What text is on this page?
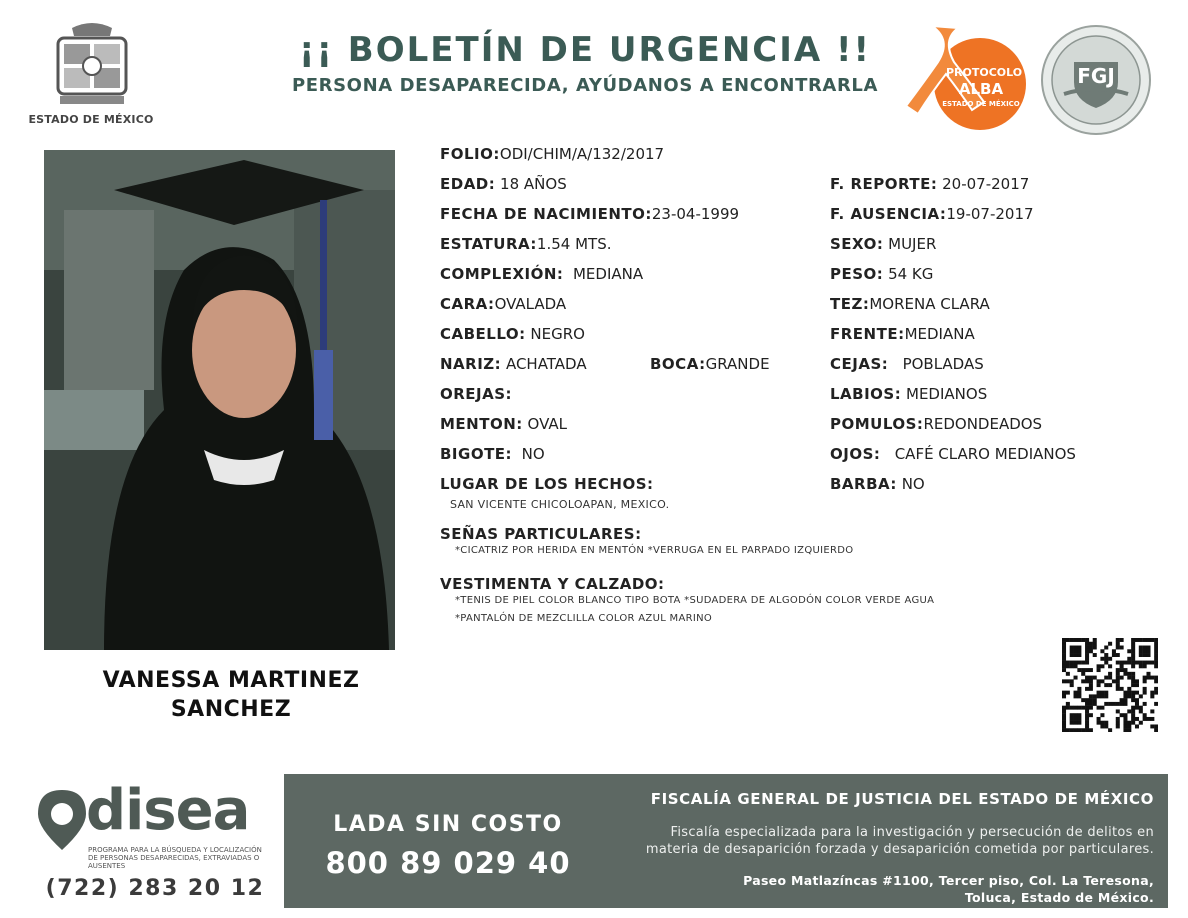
ESTADO DE MÉXICO
¡¡ BOLETÍN DE URGENCIA !!
PERSONA DESAPARECIDA, AYÚDANOS A ENCONTRARLA
PROTOCOLO
ALBA
ESTADO DE MÉXICO
FGJ
VANESSA MARTINEZ
SANCHEZ
FOLIO:ODI/CHIM/A/132/2017
EDAD: 18 AÑOS	F. REPORTE: 20-07-2017
FECHA DE NACIMIENTO:23-04-1999	F. AUSENCIA:19-07-2017
ESTATURA:1.54 MTS.	SEXO: MUJER
COMPLEXIÓN: MEDIANA	PESO: 54 KG
CARA:OVALADA	TEZ:MORENA CLARA
CABELLO: NEGRO	FRENTE:MEDIANA
NARIZ: ACHATADA	BOCA:GRANDE	CEJAS: POBLADAS
OREJAS:	LABIOS: MEDIANOS
MENTON: OVAL	POMULOS:REDONDEADOS
BIGOTE: NO	OJOS: CAFÉ CLARO MEDIANOS
LUGAR DE LOS HECHOS:	BARBA: NO
SAN VICENTE CHICOLOAPAN, MEXICO.
SEÑAS PARTICULARES:
*CICATRIZ POR HERIDA EN MENTÓN *VERRUGA EN EL PARPADO IZQUIERDO
VESTIMENTA Y CALZADO:
*TENIS DE PIEL COLOR BLANCO TIPO BOTA *SUDADERA DE ALGODÓN COLOR VERDE AGUA
*PANTALÓN DE MEZCLILLA COLOR AZUL MARINO
disea
PROGRAMA PARA LA BÚSQUEDA Y LOCALIZACIÓN
DE PERSONAS DESAPARECIDAS, EXTRAVIADAS O
AUSENTES
(722) 283 20 12
LADA SIN COSTO
800 89 029 40
FISCALÍA GENERAL DE JUSTICIA DEL ESTADO DE MÉXICO
Fiscalía especializada para la investigación y persecución de delitos en
materia de desaparición forzada y desaparición cometida por particulares.
Paseo Matlazíncas #1100, Tercer piso, Col. La Teresona,
Toluca, Estado de México.
